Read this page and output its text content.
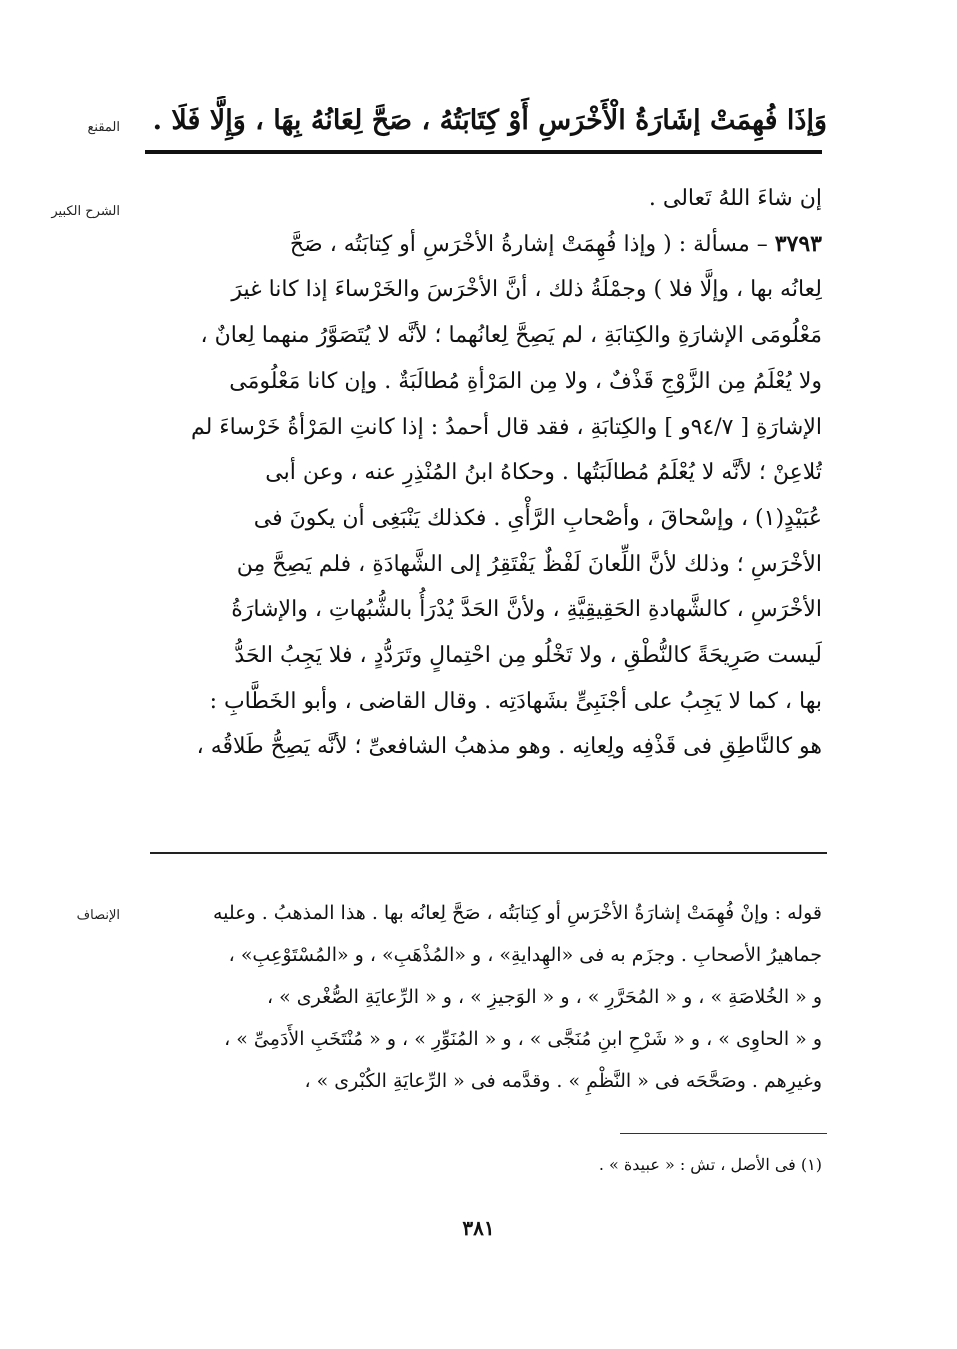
المقنع وَإذَا فُهِمَتْ إشَارَةُ الْأَخْرَسِ أَوْ كِتَابَتُهُ ، صَحَّ لِعَانُهُ بِهَا ، وَإِلَّا فَلَا .
الشرح الكبير
إن شاءَ اللهُ تَعالى .
٣٧٩٣ – مسألة : ( وإذا فُهِمَتْ إشارةُ الأخْرَسِ أو كِتابَتُه ، صَحَّ
لِعانُه بها ، وإلَّا فلا ) وجمْلَةُ ذلك ، أنَّ الأخْرَسَ والخَرْساءَ إذا كانا غيرَ
مَعْلُومَى الإشارَةِ والكِتابَةِ ، لم يَصِحَّ لِعانُهما ؛ لأنَّه لا يُتَصَوَّرُ منهما لِعانٌ ،
ولا يُعْلَمُ مِن الزَّوْجِ قَذْفٌ ، ولا مِن المَرْأةِ مُطالَبَةٌ . وإن كانا مَعْلُومَى
الإشارَةِ [ ٩٤/٧و ] والكِتابَةِ ، فقد قال أحمدُ : إذا كانتِ المَرْأةُ خَرْساءَ لم
تُلاعِنْ ؛ لأنَّه لا يُعْلَمُ مُطالَبَتُها . وحكاهُ ابنُ المُنْذِرِ عنه ، وعن أبى
عُبَيْدٍ(١) ، وإسْحاقَ ، وأصْحابِ الرَّأْىِ . فكذلك يَنْبَغِى أن يكونَ فى
الأخْرَسِ ؛ وذلك لأنَّ اللِّعانَ لَفْظٌ يَفْتَقِرُ إلى الشَّهادَةِ ، فلم يَصِحَّ مِن
الأخْرَسِ ، كالشَّهادةِ الحَقِيقِيَّةِ ، ولأنَّ الحَدَّ يُدْرَأُ بالشُّبُهاتِ ، والإشارَةُ
لَيست صَرِيحَةً كالنُّطْقِ ، ولا تَخْلُو مِن احْتِمالٍ وتَرَدُّدٍ ، فلا يَجِبُ الحَدُّ
بها ، كما لا يَجِبُ على أجْنَبِىٍّ بشَهادَتِه . وقال القاضى ، وأبو الخَطَّابِ :
هو كالنَّاطِقِ فى قَذْفِه ولِعانِه . وهو مذهبُ الشافعىِّ ؛ لأنَّه يَصِحُّ طَلاقُه ،
الإنصاف	قوله : وإنْ فُهِمَتْ إشارَةُ الأخْرَسِ أو كِتابَتُه ، صَحَّ لِعانُه بها . هذا المذهبُ . وعليه
جماهيرُ الأصحابِ . وجزَم به فى «الهِدايةِ» ، و «المُذْهَبِ» ، و «المُسْتَوْعِبِ» ،
و « الخُلاصَةِ » ، و « المُحَرَّرِ » ، و « الوَجيزِ » ، و « الرِّعايَةِ الصُّغْرى » ،
و « الحاوِى » ، و « شَرْحِ ابنِ مُنَجَّى » ، و « المُنَوِّرِ » ، و « مُنْتَخَبِ الأَدَمِىِّ » ،
وغيرِهم . وصَحَّحَه فى « النَّظْمِ » . وقدَّمه فى « الرِّعايَةِ الكُبْرى » ،
(١) فى الأصل ، تش : « عبيدة » .
٣٨١
